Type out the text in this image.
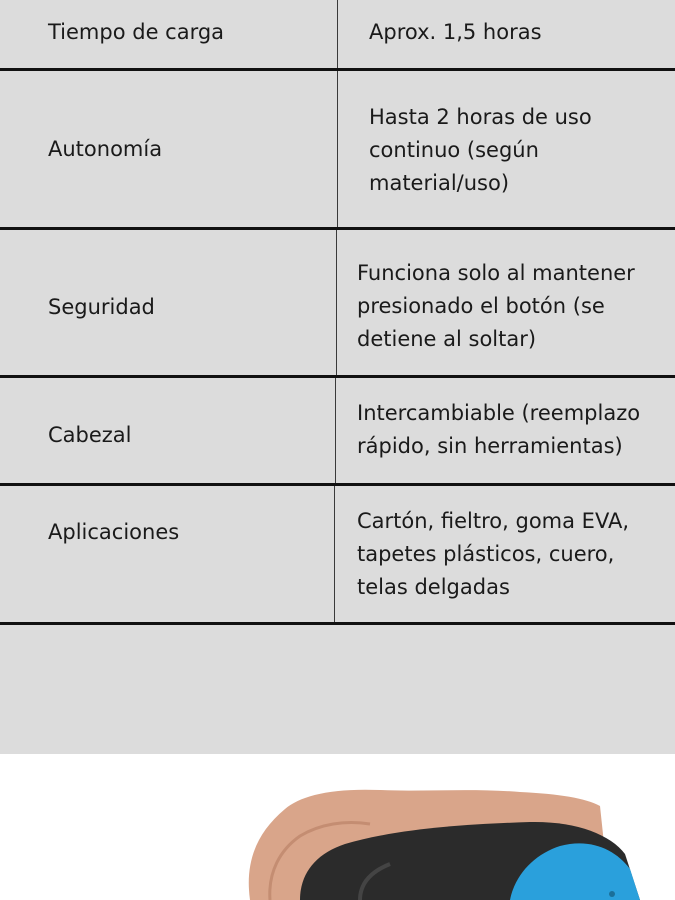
Tiempo de carga	Aprox. 1,5 horas
Autonomía
Hasta 2 horas de uso continuo (según material/uso)
Seguridad
Funciona solo al mantener presionado el botón (se detiene al soltar)
Cabezal
Intercambiable (reemplazo rápido, sin herramientas)
Aplicaciones	Cartón, fieltro, goma EVA, tapetes plásticos, cuero, telas delgadas
